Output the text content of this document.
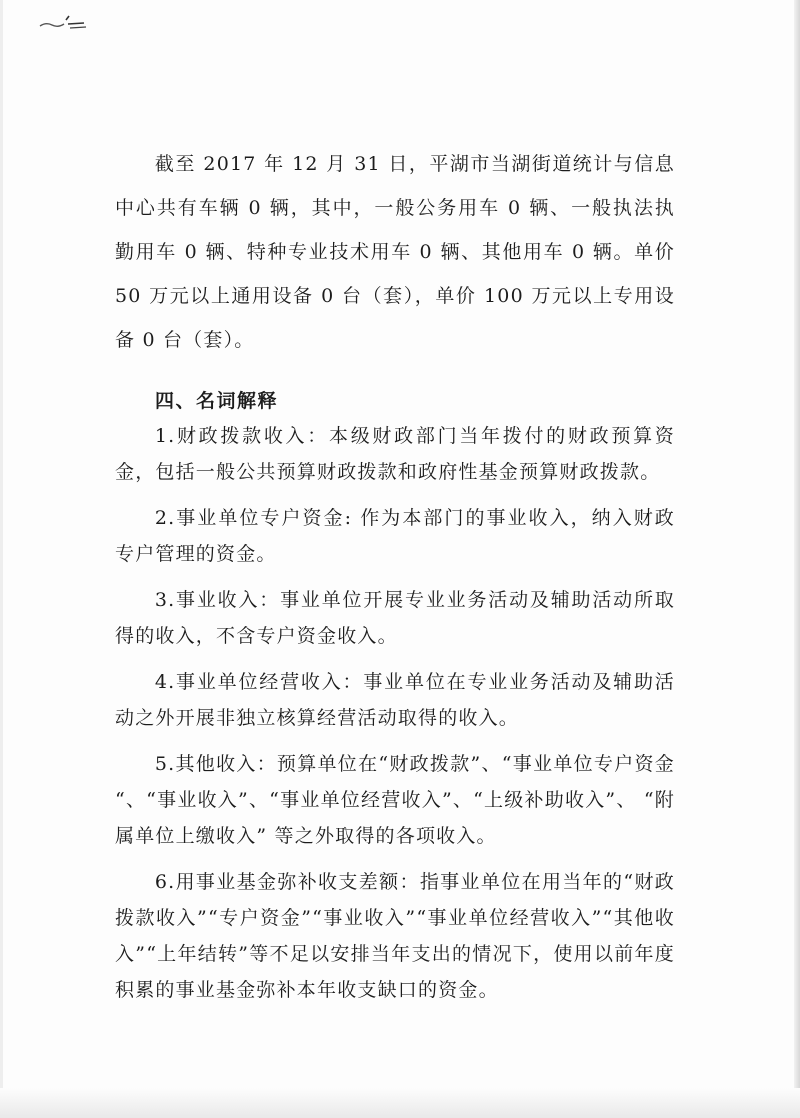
截至 2017 年 12 月 31 日，平湖市当湖街道统计与信息中心共有车辆 0 辆，其中，一般公务用车 0 辆、一般执法执勤用车 0 辆、特种专业技术用车 0 辆、其他用车 0 辆。单价 50 万元以上通用设备 0 台（套），单价 100 万元以上专用设备 0 台（套）。

四、名词解释

1.财政拨款收入：本级财政部门当年拨付的财政预算资金，包括一般公共预算财政拨款和政府性基金预算财政拨款。

2.事业单位专户资金: 作为本部门的事业收入，纳入财政专户管理的资金。

3.事业收入：事业单位开展专业业务活动及辅助活动所取得的收入，不含专户资金收入。

4.事业单位经营收入：事业单位在专业业务活动及辅助活动之外开展非独立核算经营活动取得的收入。

5.其他收入：预算单位在“财政拨款”、“事业单位专户资金 “、“事业收入”、“事业单位经营收入”、“上级补助收入”、 “附属单位上缴收入” 等之外取得的各项收入。

6.用事业基金弥补收支差额：指事业单位在用当年的“财政拨款收入”“专户资金”“事业收入”“事业单位经营收入”“其他收入”“上年结转”等不足以安排当年支出的情况下，使用以前年度积累的事业基金弥补本年收支缺口的资金。
